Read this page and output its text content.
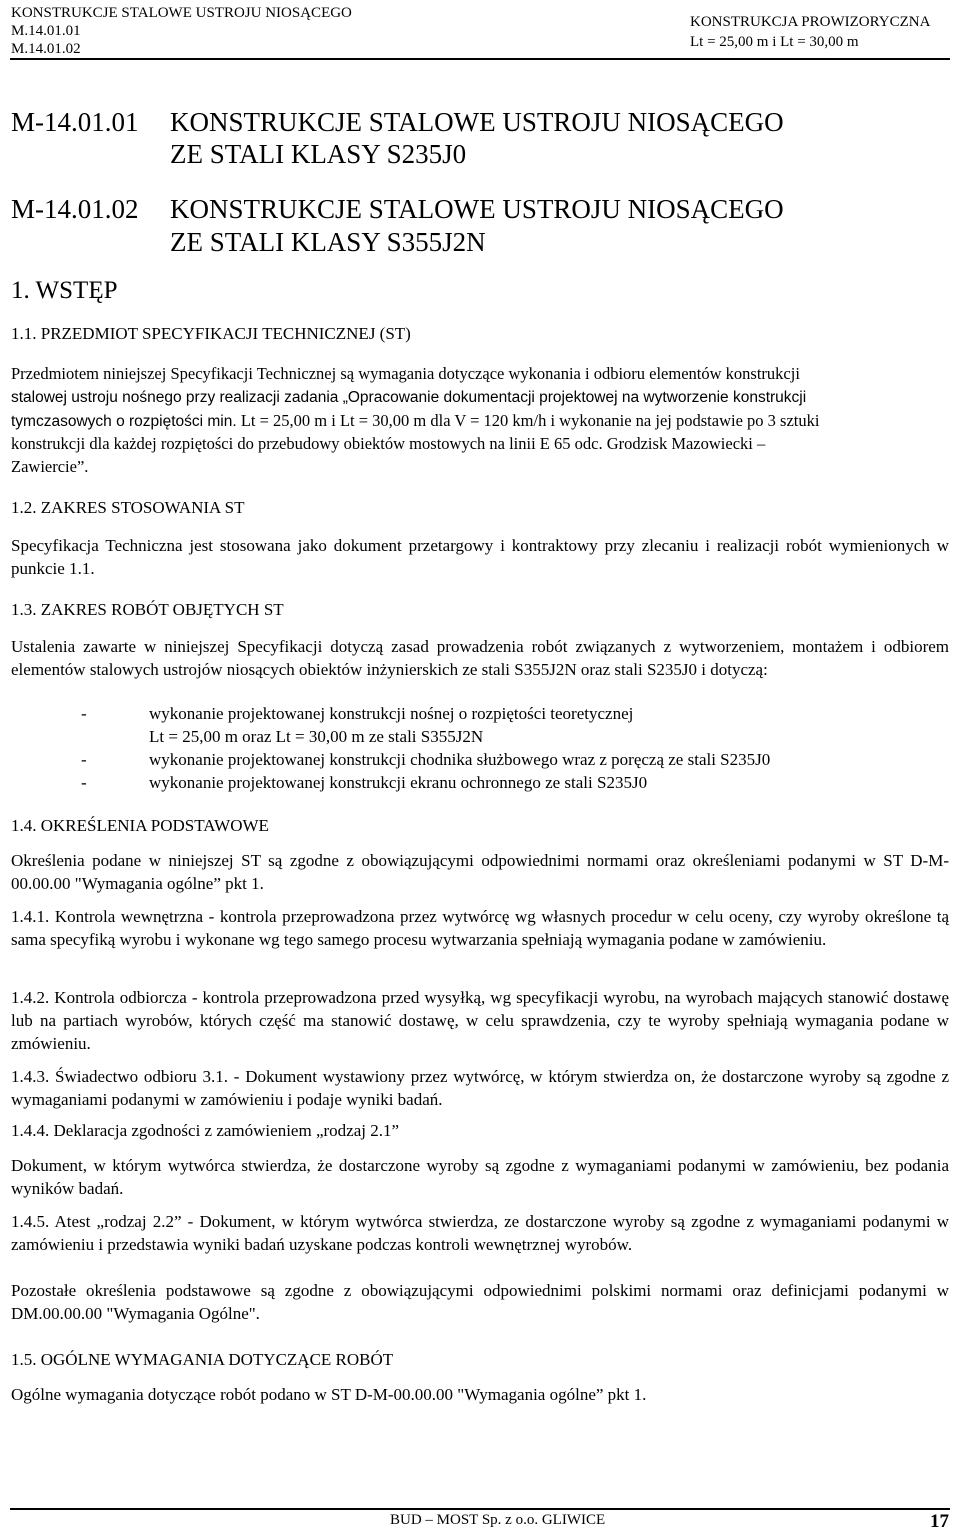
KONSTRUKCJE STALOWE USTROJU NIOSĄCEGO
M.14.01.01
M.14.01.02
KONSTRUKCJA PROWIZORYCZNA
Lt = 25,00 m i Lt = 30,00 m
M-14.01.01 KONSTRUKCJE STALOWE USTROJU NIOSĄCEGO
ZE STALI KLASY S235J0
M-14.01.02 KONSTRUKCJE STALOWE USTROJU NIOSĄCEGO
ZE STALI KLASY S355J2N
1. WSTĘP
1.1. PRZEDMIOT SPECYFIKACJI TECHNICZNEJ (ST)
Przedmiotem niniejszej Specyfikacji Technicznej są wymagania dotyczące wykonania i odbioru elementów konstrukcji
stalowej ustroju nośnego przy realizacji zadania „Opracowanie dokumentacji projektowej na wytworzenie konstrukcji
tymczasowych o rozpiętości min. Lt = 25,00 m i Lt = 30,00 m dla V = 120 km/h i wykonanie na jej podstawie po 3 sztuki
konstrukcji dla każdej rozpiętości do przebudowy obiektów mostowych na linii E 65 odc. Grodzisk Mazowiecki –
Zawiercie”.
1.2. ZAKRES STOSOWANIA ST
Specyfikacja Techniczna jest stosowana jako dokument przetargowy i kontraktowy przy zlecaniu i realizacji robót wymienionych w punkcie 1.1.
1.3. ZAKRES ROBÓT OBJĘTYCH ST
Ustalenia zawarte w niniejszej Specyfikacji dotyczą zasad prowadzenia robót związanych z wytworzeniem, montażem i odbiorem elementów stalowych ustrojów niosących obiektów inżynierskich ze stali S355J2N oraz stali S235J0 i dotyczą:
-	wykonanie projektowanej konstrukcji nośnej o rozpiętości teoretycznej
Lt = 25,00 m oraz Lt = 30,00 m ze stali S355J2N
-	wykonanie projektowanej konstrukcji chodnika służbowego wraz z poręczą ze stali S235J0
-	wykonanie projektowanej konstrukcji ekranu ochronnego ze stali S235J0
1.4. OKREŚLENIA PODSTAWOWE
Określenia podane w niniejszej ST są zgodne z obowiązującymi odpowiednimi normami oraz określeniami podanymi w ST D-M-00.00.00 "Wymagania ogólne” pkt 1.
1.4.1. Kontrola wewnętrzna - kontrola przeprowadzona przez wytwórcę wg własnych procedur w celu oceny, czy wyroby określone tą sama specyfiką wyrobu i wykonane wg tego samego procesu wytwarzania spełniają wymagania podane w zamówieniu.
1.4.2. Kontrola odbiorcza - kontrola przeprowadzona przed wysyłką, wg specyfikacji wyrobu, na wyrobach mających stanowić dostawę lub na partiach wyrobów, których część ma stanowić dostawę, w celu sprawdzenia, czy te wyroby spełniają wymagania podane w zmówieniu.
1.4.3. Świadectwo odbioru 3.1. - Dokument wystawiony przez wytwórcę, w którym stwierdza on, że dostarczone wyroby są zgodne z wymaganiami podanymi w zamówieniu i podaje wyniki badań.
1.4.4. Deklaracja zgodności z zamówieniem „rodzaj 2.1”
Dokument, w którym wytwórca stwierdza, że dostarczone wyroby są zgodne z wymaganiami podanymi w zamówieniu, bez podania wyników badań.
1.4.5. Atest „rodzaj 2.2” - Dokument, w którym wytwórca stwierdza, ze dostarczone wyroby są zgodne z wymaganiami podanymi w zamówieniu i przedstawia wyniki badań uzyskane podczas kontroli wewnętrznej wyrobów.
Pozostałe określenia podstawowe są zgodne z obowiązującymi odpowiednimi polskimi normami oraz definicjami podanymi w DM.00.00.00 "Wymagania Ogólne".
1.5. OGÓLNE WYMAGANIA DOTYCZĄCE ROBÓT
Ogólne wymagania dotyczące robót podano w ST D-M-00.00.00 "Wymagania ogólne” pkt 1.
BUD – MOST Sp. z o.o. GLIWICE	17
